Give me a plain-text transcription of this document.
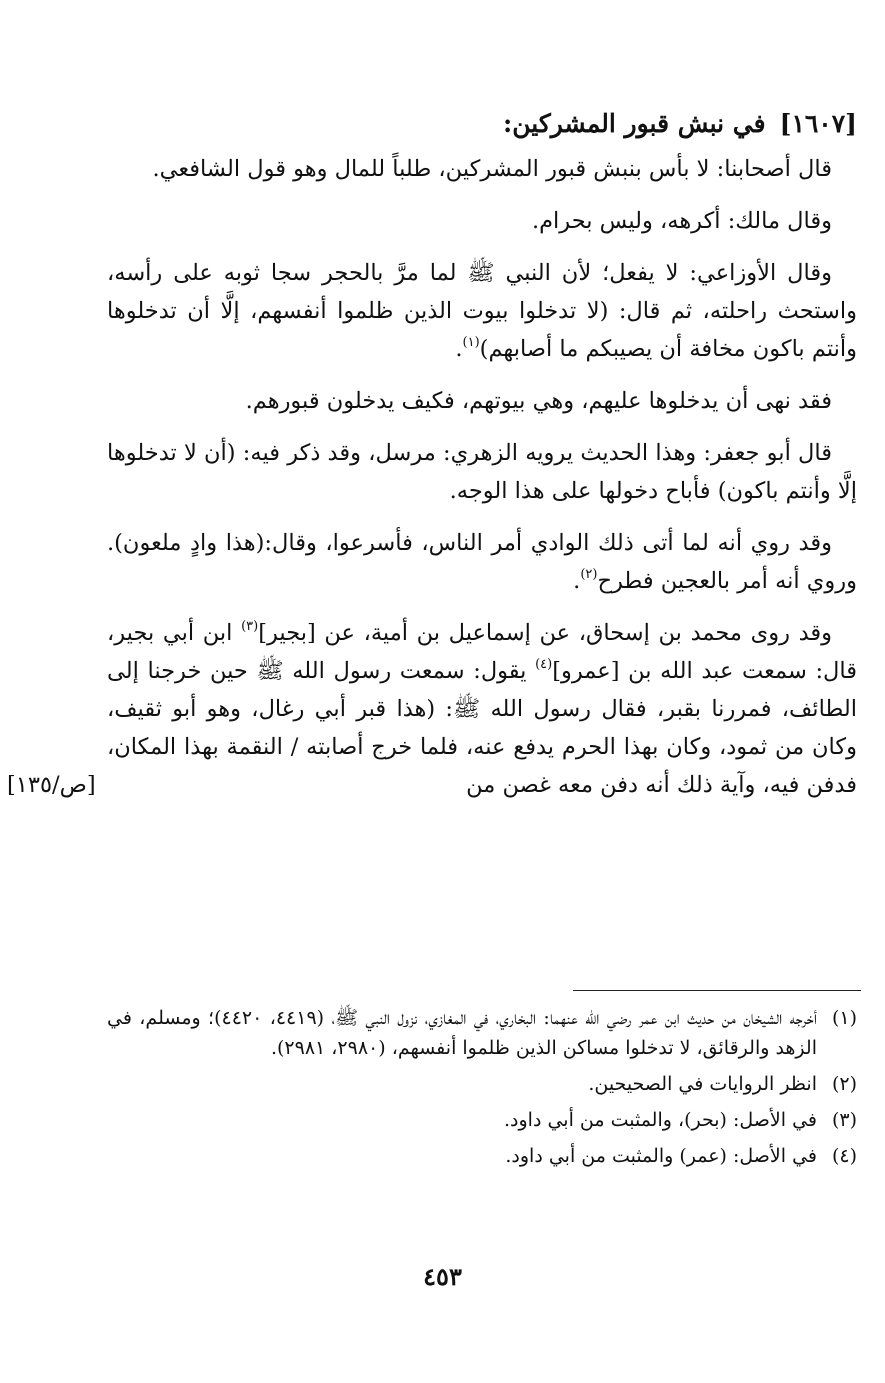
[١٦٠٧]في نبش قبور المشركين:

قال أصحابنا: لا بأس بنبش قبور المشركين، طلباً للمال وهو قول الشافعي.

وقال مالك: أكرهه، وليس بحرام.

وقال الأوزاعي: لا يفعل؛ لأن النبي ﷺ لما مرَّ بالحجر سجا ثوبه على رأسه، واستحث راحلته، ثم قال: (لا تدخلوا بيوت الذين ظلموا أنفسهم، إلَّا أن تدخلوها وأنتم باكون مخافة أن يصيبكم ما أصابهم)$^{(١)}$.

فقد نهى أن يدخلوها عليهم، وهي بيوتهم، فكيف يدخلون قبورهم.

قال أبو جعفر: وهذا الحديث يرويه الزهري: مرسل، وقد ذكر فيه: (أن لا تدخلوها إلَّا وأنتم باكون) فأباح دخولها على هذا الوجه.

وقد روي أنه لما أتى ذلك الوادي أمر الناس، فأسرعوا، وقال:(هذا وادٍ ملعون). وروي أنه أمر بالعجين فطرح$^{(٢)}$.

وقد روى محمد بن إسحاق، عن إسماعيل بن أمية، عن [بجير]$^{(٣)}$ ابن أبي بجير، قال: سمعت عبد الله بن [عمرو]$^{(٤)}$ يقول: سمعت رسول الله ﷺ حين خرجنا إلى الطائف، فمررنا بقبر، فقال رسول الله ﷺ: (هذا قبر أبي رغال، وهو أبو ثقيف، وكان من ثمود، وكان بهذا الحرم يدفع عنه، فلما خرج أصابته / النقمة بهذا المكان، فدفن فيه، وآية ذلك أنه دفن معه غصن من
[ص/١٣٥]

(١)
أخرجه الشيخان من حديث ابن عمر رضي الله عنهما: البخاري، في المغازي، نزول النبي ﷺ، (٤٤١٩، ٤٤٢٠)؛ ومسلم، في الزهد والرقائق، لا تدخلوا مساكن الذين ظلموا أنفسهم، (٢٩٨٠، ٢٩٨١).
(٢)
انظر الروايات في الصحيحين.
(٣)
في الأصل: (بحر)، والمثبت من أبي داود.
(٤)
في الأصل: (عمر) والمثبت من أبي داود.
٤٥٣
